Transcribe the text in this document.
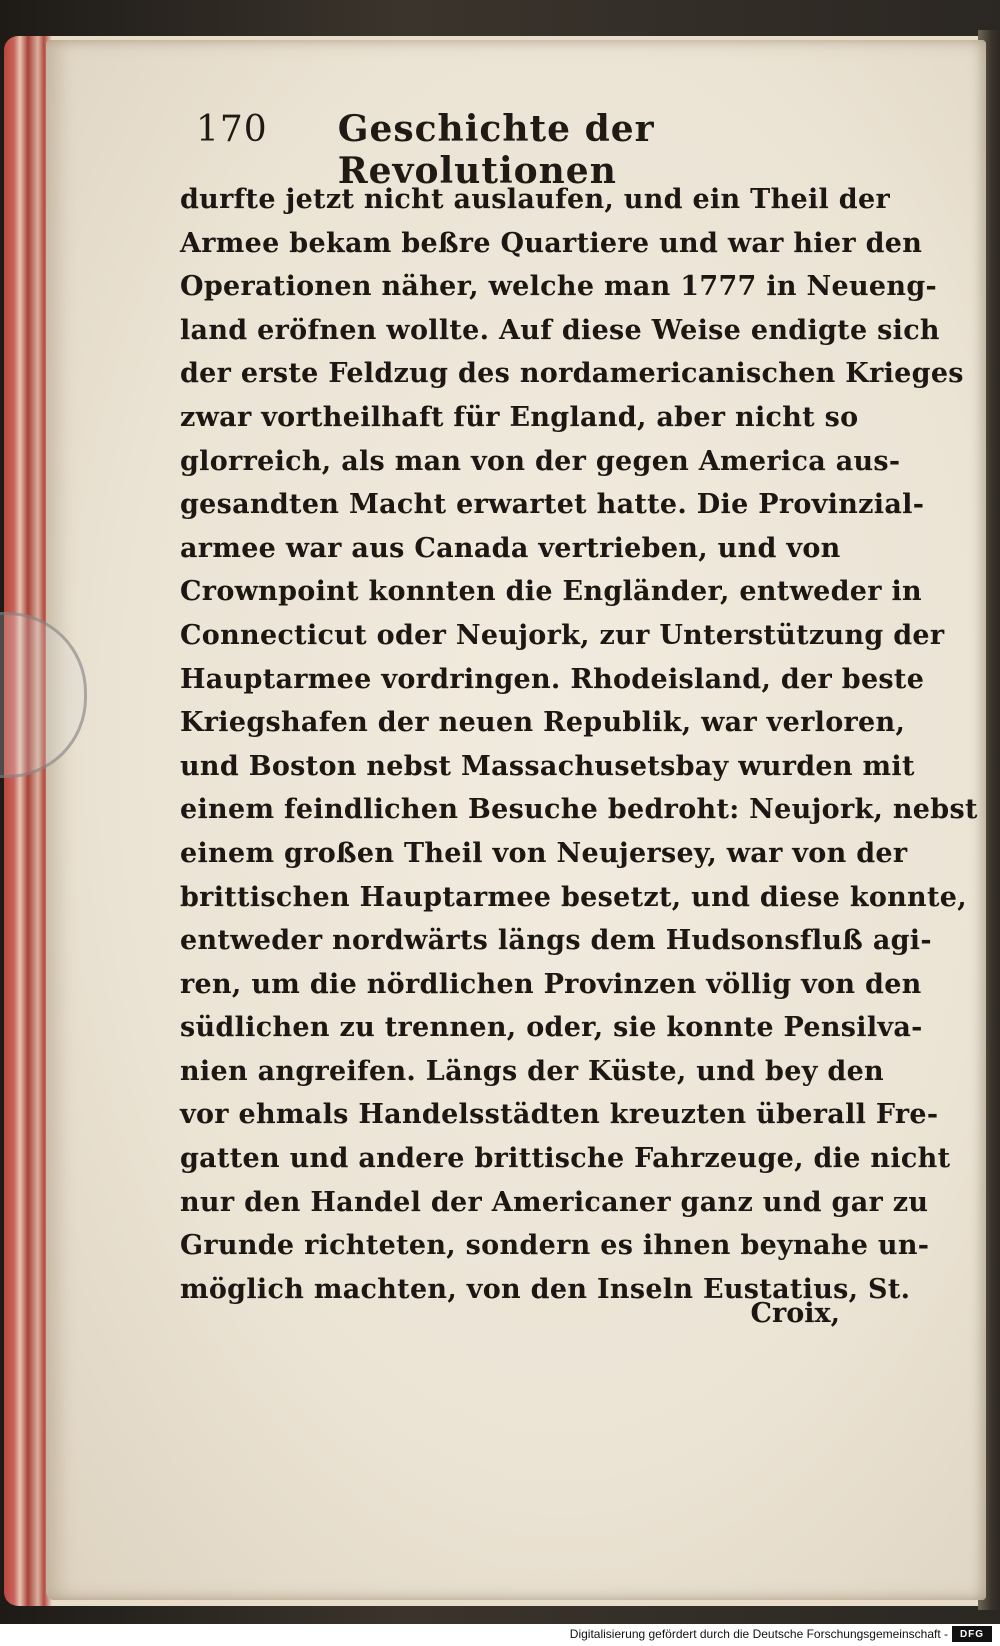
170 Geschichte der Revolutionen
durfte jetzt nicht auslaufen, und ein Theil der
Armee bekam beßre Quartiere und war hier den
Operationen näher, welche man 1777 in Neueng-
land eröfnen wollte. Auf diese Weise endigte sich
der erste Feldzug des nordamericanischen Krieges
zwar vortheilhaft für England, aber nicht so
glorreich, als man von der gegen America aus-
gesandten Macht erwartet hatte. Die Provinzial-
armee war aus Canada vertrieben, und von
Crownpoint konnten die Engländer, entweder in
Connecticut oder Neujork, zur Unterstützung der
Hauptarmee vordringen. Rhodeisland, der beste
Kriegshafen der neuen Republik, war verloren,
und Boston nebst Massachusetsbay wurden mit
einem feindlichen Besuche bedroht: Neujork, nebst
einem großen Theil von Neujersey, war von der
brittischen Hauptarmee besetzt, und diese konnte,
entweder nordwärts längs dem Hudsonsfluß agi-
ren, um die nördlichen Provinzen völlig von den
südlichen zu trennen, oder, sie konnte Pensilva-
nien angreifen. Längs der Küste, und bey den
vor ehmals Handelsstädten kreuzten überall Fre-
gatten und andere brittische Fahrzeuge, die nicht
nur den Handel der Americaner ganz und gar zu
Grunde richteten, sondern es ihnen beynahe un-
möglich machten, von den Inseln Eustatius, St.
Croix,
Digitalisierung gefördert durch die Deutsche Forschungsgemeinschaft -	DFG
